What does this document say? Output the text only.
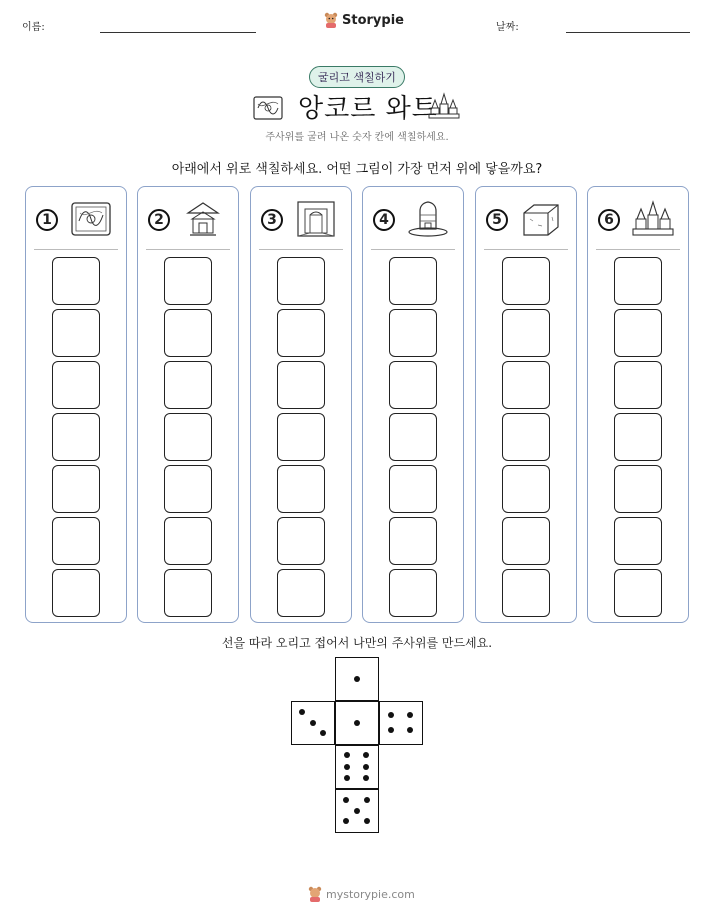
이름:	Storypie	날짜:
굴리고 색칠하기
앙코르 와트
주사위를 굴려 나온 숫자 칸에 색칠하세요.
아래에서 위로 색칠하세요. 어떤 그림이 가장 먼저 위에 닿을까요?
1	2	3	4	5	6
선을 따라 오리고 접어서 나만의 주사위를 만드세요.
mystorypie.com
